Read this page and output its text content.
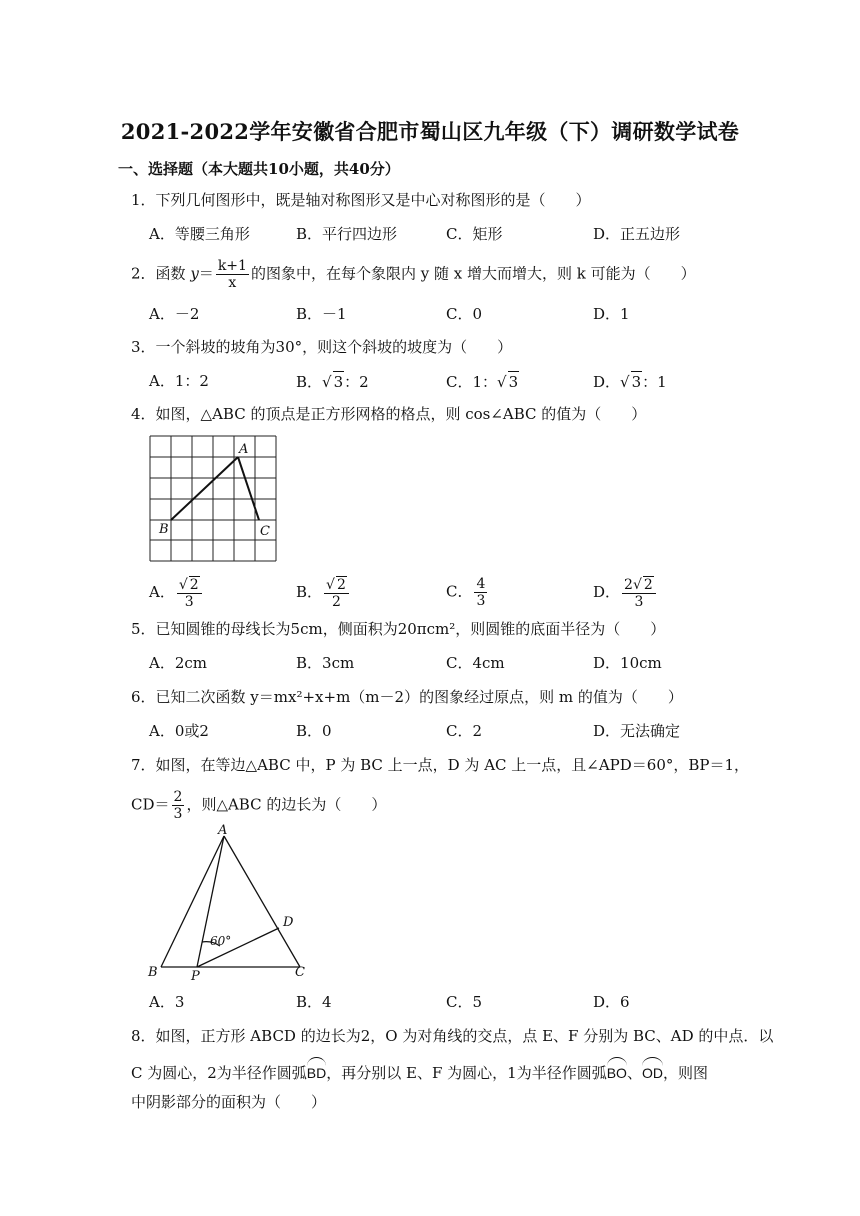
2021-2022学年安徽省合肥市蜀山区九年级（下）调研数学试卷
一、选择题（本大题共10小题，共40分）
1．下列几何图形中，既是轴对称图形又是中心对称图形的是（　　）
A．等腰三角形	B．平行四边形	C．矩形	D．正五边形
2．函数 $y= \frac{k+1}{x}$ 的图象中，在每个象限内 y 随 x 增大而增大，则 k 可能为（　　）
A．－2	B．－1	C．0	D．1
3．一个斜坡的坡角为30°，则这个斜坡的坡度为（　　）
A．1：2	B．√ 3：2	C．1：√ 3	D．√ 3：1
4．如图，△ABC 的顶点是正方形网格的格点，则 cos∠ABC 的值为（　　）
A
B	C
A． $\frac{√ 2}{3}$	B． $\frac{√ 2}{2}$	C． $\frac{4}{3}$	D． $\frac{2√ 2}{3}$
5．已知圆锥的母线长为5cm，侧面积为20πcm²，则圆锥的底面半径为（　　）
A．2cm	B．3cm	C．4cm	D．10cm
6．已知二次函数 y＝mx²+x+m（m－2）的图象经过原点，则 m 的值为（　　）
A．0或2	B．0	C．2	D．无法确定
7．如图，在等边△ABC 中，P 为 BC 上一点，D 为 AC 上一点，且∠APD＝60°，BP＝1，
$CD= \frac{2}{3}$ ，则△ABC 的边长为（　　）
A
B	C
D
P
60°
A．3	B．4	C．5	D．6
8．如图，正方形 ABCD 的边长为2，O 为对角线的交点，点 E、F 分别为 BC、AD 的中点．以
C 为圆心，2为半径作圆弧BD，再分别以 E、F 为圆心，1为半径作圆弧BO、OD，则图
中阴影部分的面积为（　　）
